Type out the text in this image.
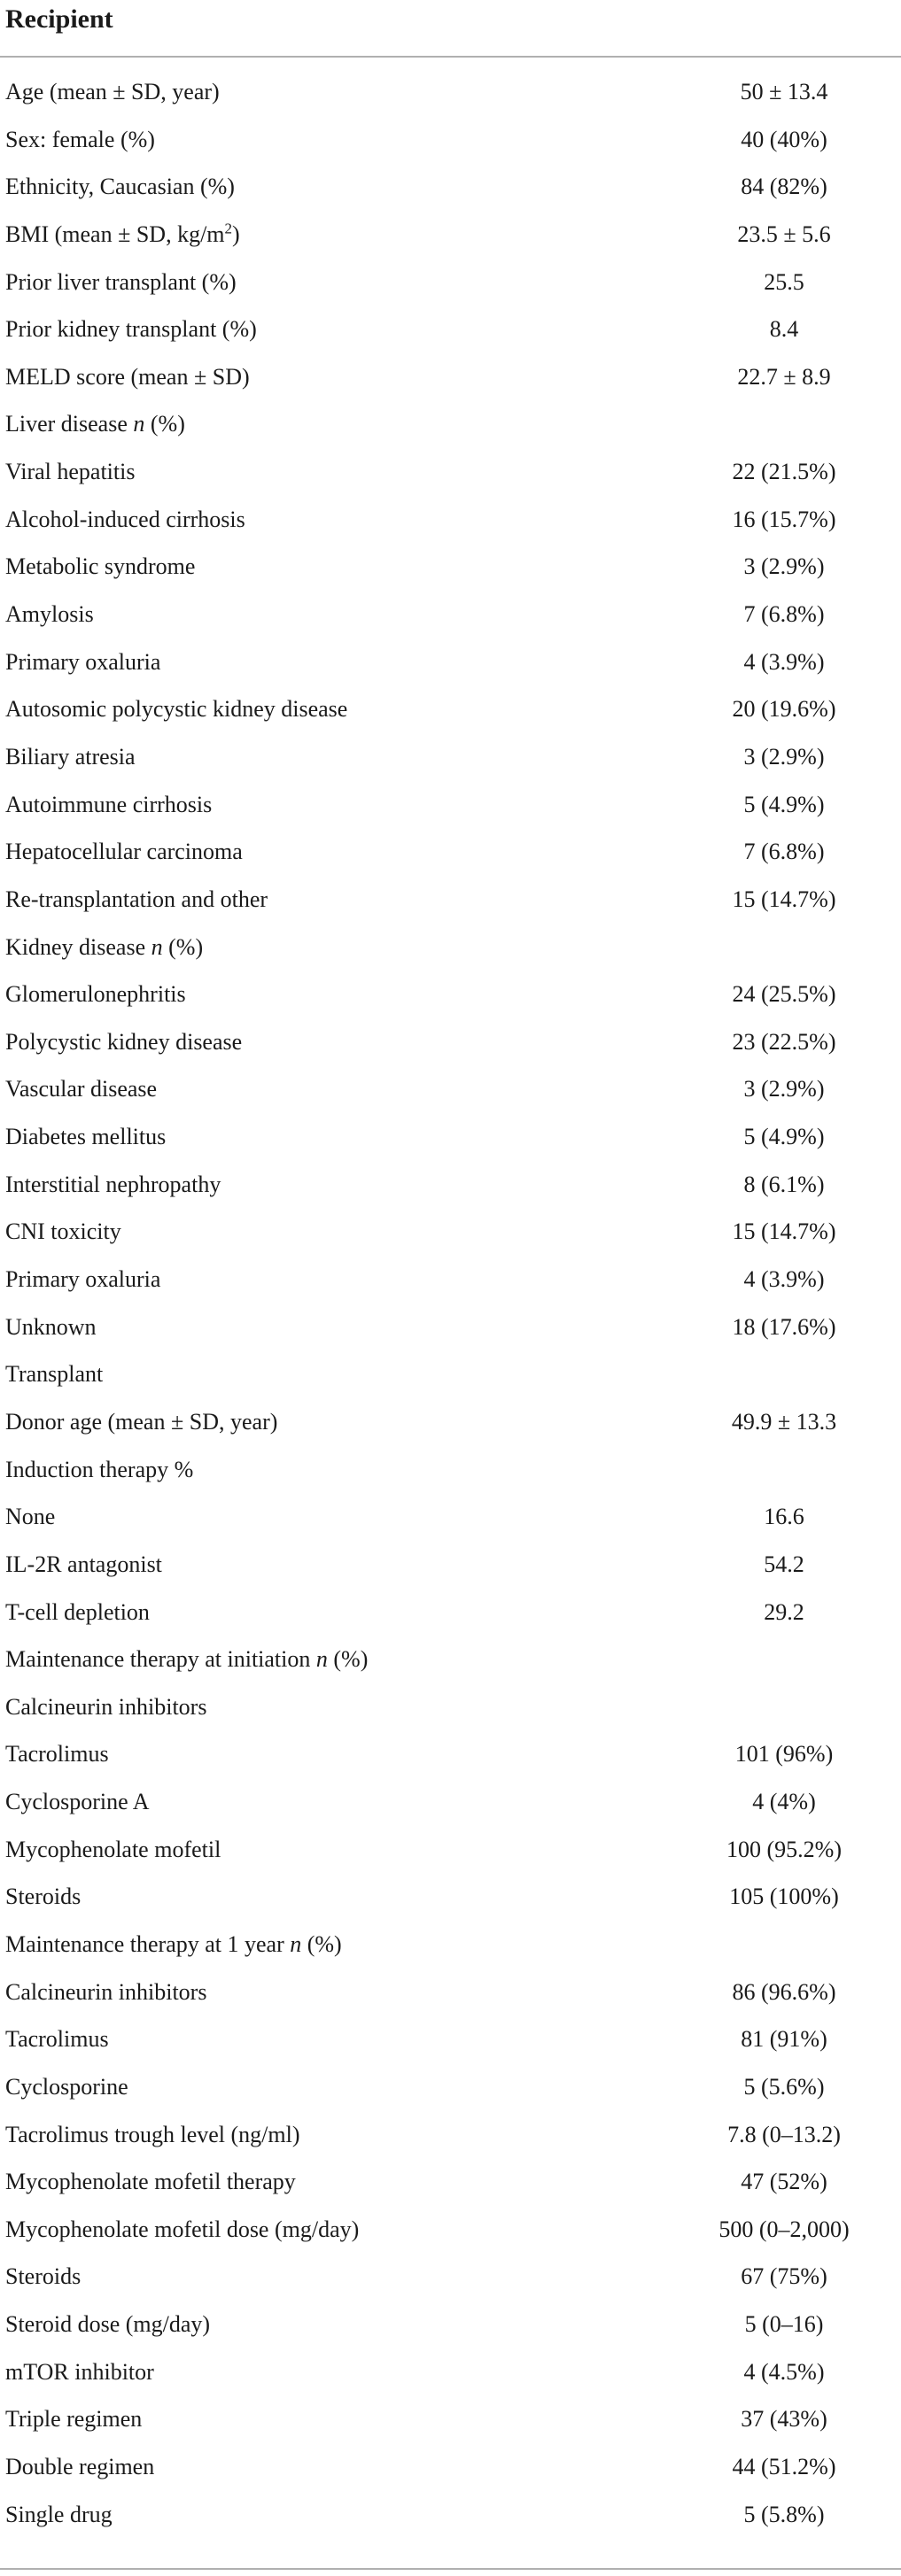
Recipient
Age (mean ± SD, year)	50 ± 13.4
Sex: female (%)	40 (40%)
Ethnicity, Caucasian (%)	84 (82%)
BMI (mean ± SD, $kg/m^2$)	23.5 ± 5.6
Prior liver transplant (%)	25.5
Prior kidney transplant (%)	8.4
MELD score (mean ± SD)	22.7 ± 8.9
Liver disease n (%)
Viral hepatitis	22 (21.5%)
Alcohol-induced cirrhosis	16 (15.7%)
Metabolic syndrome	3 (2.9%)
Amylosis	7 (6.8%)
Primary oxaluria	4 (3.9%)
Autosomic polycystic kidney disease	20 (19.6%)
Biliary atresia	3 (2.9%)
Autoimmune cirrhosis	5 (4.9%)
Hepatocellular carcinoma	7 (6.8%)
Re-transplantation and other	15 (14.7%)
Kidney disease n (%)
Glomerulonephritis	24 (25.5%)
Polycystic kidney disease	23 (22.5%)
Vascular disease	3 (2.9%)
Diabetes mellitus	5 (4.9%)
Interstitial nephropathy	8 (6.1%)
CNI toxicity	15 (14.7%)
Primary oxaluria	4 (3.9%)
Unknown	18 (17.6%)
Transplant
Donor age (mean ± SD, year)	49.9 ± 13.3
Induction therapy %
None	16.6
IL-2R antagonist	54.2
T-cell depletion	29.2
Maintenance therapy at initiation n (%)
Calcineurin inhibitors
Tacrolimus	101 (96%)
Cyclosporine A	4 (4%)
Mycophenolate mofetil	100 (95.2%)
Steroids	105 (100%)
Maintenance therapy at 1 year n (%)
Calcineurin inhibitors	86 (96.6%)
Tacrolimus	81 (91%)
Cyclosporine	5 (5.6%)
Tacrolimus trough level (ng/ml)	7.8 (0–13.2)
Mycophenolate mofetil therapy	47 (52%)
Mycophenolate mofetil dose (mg/day)	500 (0–2,000)
Steroids	67 (75%)
Steroid dose (mg/day)	5 (0–16)
mTOR inhibitor	4 (4.5%)
Triple regimen	37 (43%)
Double regimen	44 (51.2%)
Single drug	5 (5.8%)
